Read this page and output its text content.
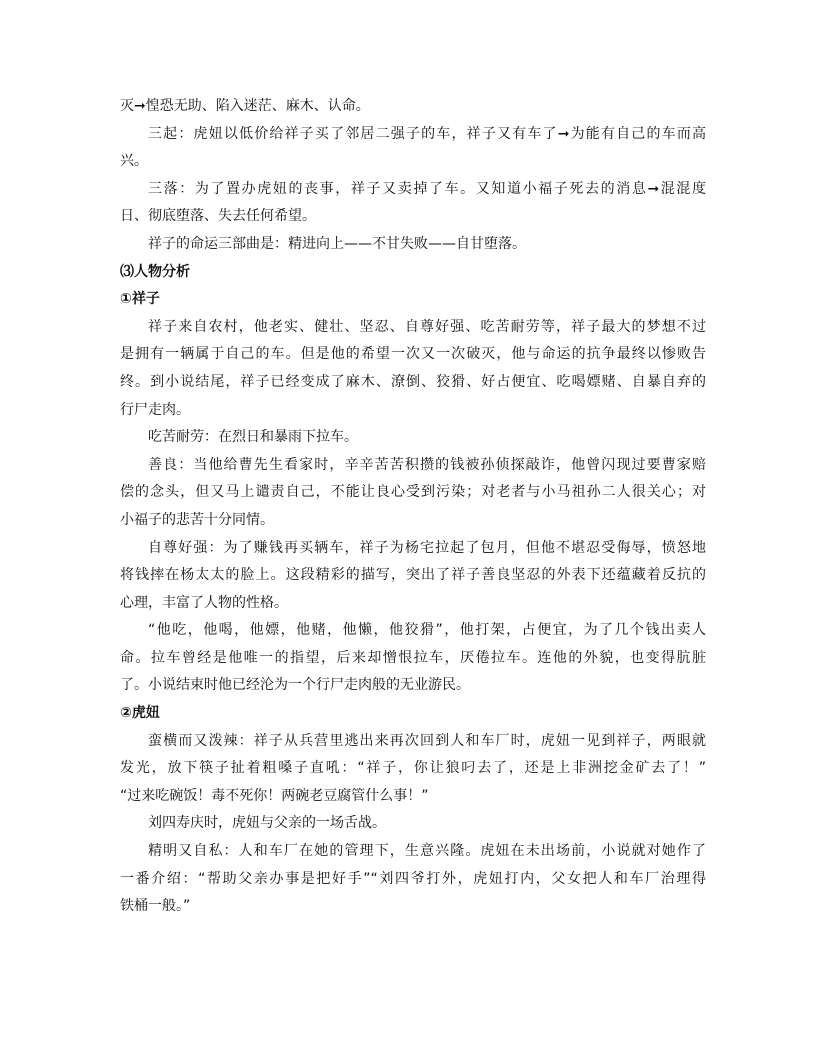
灭➞惶恐无助、陷入迷茫、麻木、认命。
三起：虎妞以低价给祥子买了邻居二强子的车，祥子又有车了➞为能有自己的车而高
兴。
三落：为了置办虎妞的丧事，祥子又卖掉了车。又知道小福子死去的消息➞混混度
日、彻底堕落、失去任何希望。
祥子的命运三部曲是：精进向上——不甘失败——自甘堕落。
⑶人物分析
①祥子
祥子来自农村，他老实、健壮、坚忍、自尊好强、吃苦耐劳等，祥子最大的梦想不过
是拥有一辆属于自己的车。但是他的希望一次又一次破灭，他与命运的抗争最终以惨败告
终。到小说结尾，祥子已经变成了麻木、潦倒、狡猾、好占便宜、吃喝嫖赌、自暴自弃的
行尸走肉。
吃苦耐劳：在烈日和暴雨下拉车。
善良：当他给曹先生看家时，辛辛苦苦积攒的钱被孙侦探敲诈，他曾闪现过要曹家赔
偿的念头，但又马上谴责自己，不能让良心受到污染；对老者与小马祖孙二人很关心；对
小福子的悲苦十分同情。
自尊好强：为了赚钱再买辆车，祥子为杨宅拉起了包月，但他不堪忍受侮辱，愤怒地
将钱摔在杨太太的脸上。这段精彩的描写，突出了祥子善良坚忍的外表下还蕴藏着反抗的
心理，丰富了人物的性格。
“他吃，他喝，他嫖，他赌，他懒，他狡猾”，他打架，占便宜，为了几个钱出卖人
命。拉车曾经是他唯一的指望，后来却憎恨拉车，厌倦拉车。连他的外貌，也变得肮脏
了。小说结束时他已经沦为一个行尸走肉般的无业游民。
②虎妞
蛮横而又泼辣：祥子从兵营里逃出来再次回到人和车厂时，虎妞一见到祥子，两眼就
发光，放下筷子扯着粗嗓子直吼：“祥子，你让狼叼去了，还是上非洲挖金矿去了！”
“过来吃碗饭！毒不死你！两碗老豆腐管什么事！”
刘四寿庆时，虎妞与父亲的一场舌战。
精明又自私：人和车厂在她的管理下，生意兴隆。虎妞在未出场前，小说就对她作了
一番介绍：“帮助父亲办事是把好手”“刘四爷打外，虎妞打内，父女把人和车厂治理得
铁桶一般。”
